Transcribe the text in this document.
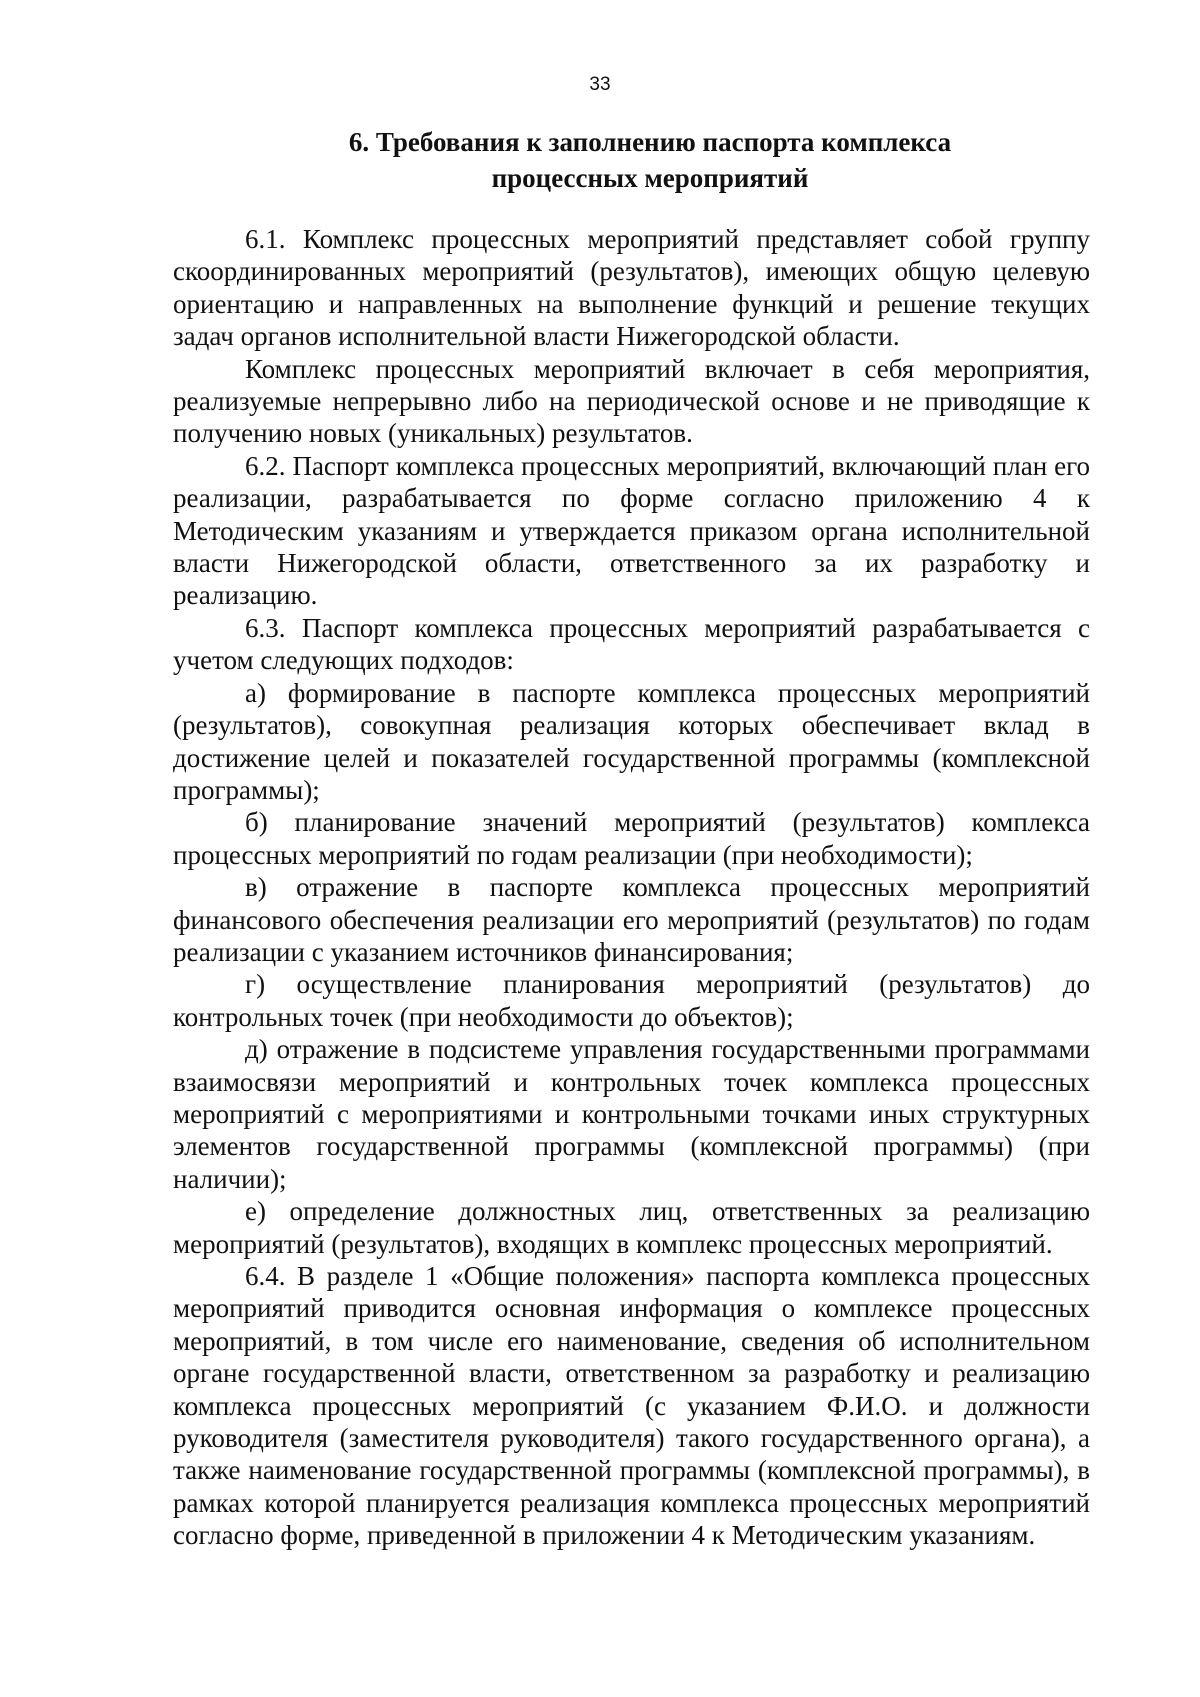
33
6. Требования к заполнению паспорта комплекса
процессных мероприятий

6.1. Комплекс процессных мероприятий представляет собой группу скоординированных мероприятий (результатов), имеющих общую целевую ориентацию и направленных на выполнение функций и решение текущих задач органов исполнительной власти Нижегородской области.

Комплекс процессных мероприятий включает в себя мероприятия, реализуемые непрерывно либо на периодической основе и не приводящие к получению новых (уникальных) результатов.

6.2. Паспорт комплекса процессных мероприятий, включающий план его реализации, разрабатывается по форме согласно приложению 4 к Методическим указаниям и утверждается приказом органа исполнительной власти Нижегородской области, ответственного за их разработку и реализацию.

6.3. Паспорт комплекса процессных мероприятий разрабатывается с учетом следующих подходов:

а) формирование в паспорте комплекса процессных мероприятий (результатов), совокупная реализация которых обеспечивает вклад в достижение целей и показателей государственной программы (комплексной программы);

б) планирование значений мероприятий (результатов) комплекса процессных мероприятий по годам реализации (при необходимости);

в) отражение в паспорте комплекса процессных мероприятий финансового обеспечения реализации его мероприятий (результатов) по годам реализации с указанием источников финансирования;

г) осуществление планирования мероприятий (результатов) до контрольных точек (при необходимости до объектов);

д) отражение в подсистеме управления государственными программами взаимосвязи мероприятий и контрольных точек комплекса процессных мероприятий с мероприятиями и контрольными точками иных структурных элементов государственной программы (комплексной программы) (при наличии);

е) определение должностных лиц, ответственных за реализацию мероприятий (результатов), входящих в комплекс процессных мероприятий.

6.4. В разделе 1 «Общие положения» паспорта комплекса процессных мероприятий приводится основная информация о комплексе процессных мероприятий, в том числе его наименование, сведения об исполнительном органе государственной власти, ответственном за разработку и реализацию комплекса процессных мероприятий (с указанием Ф.И.О. и должности руководителя (заместителя руководителя) такого государственного органа), а также наименование государственной программы (комплексной программы), в рамках которой планируется реализация комплекса процессных мероприятий согласно форме, приведенной в приложении 4 к Методическим указаниям.
